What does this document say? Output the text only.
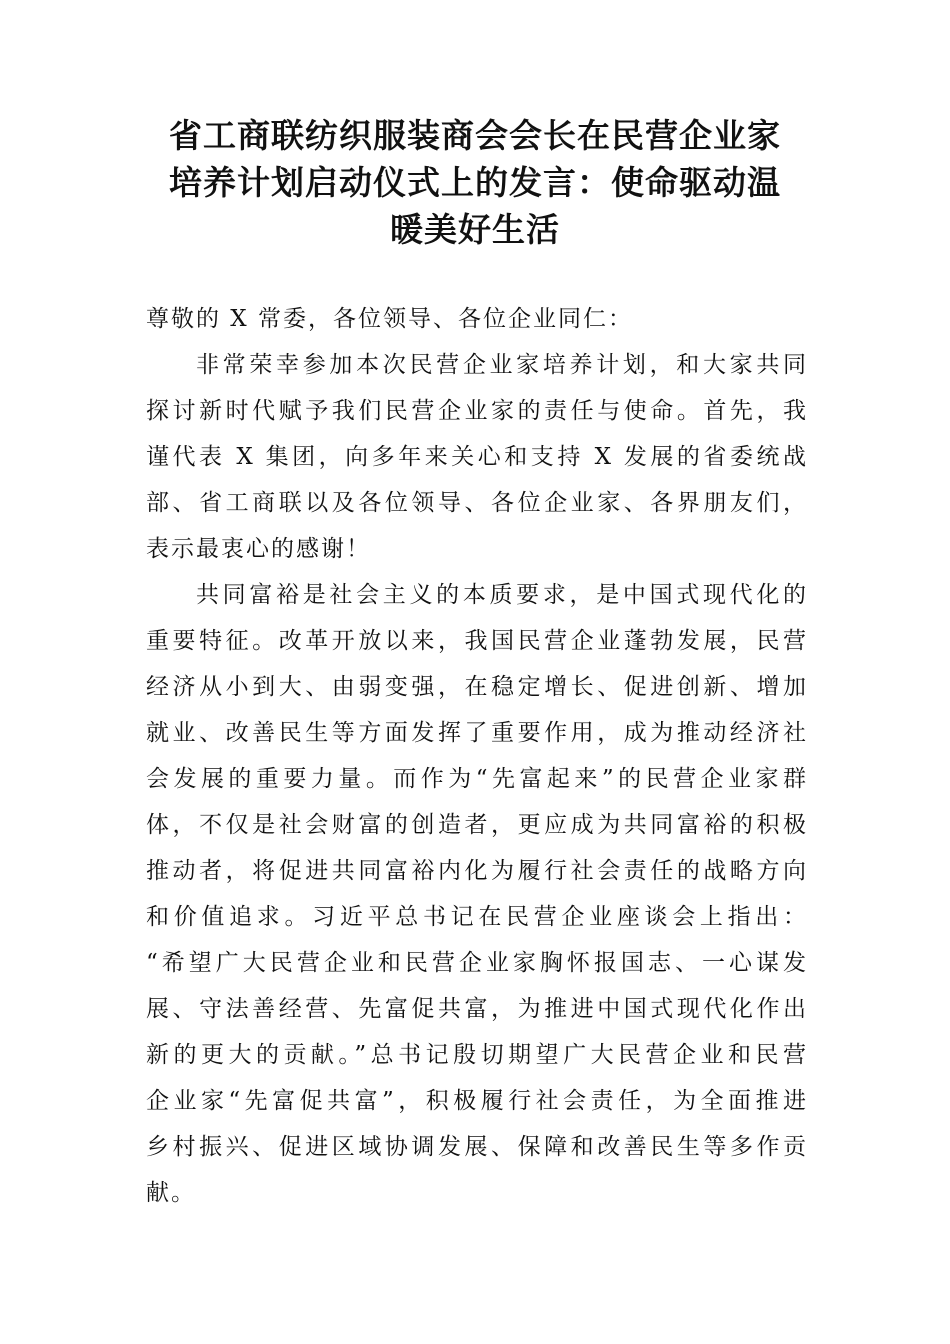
省工商联纺织服装商会会长在民营企业家
培养计划启动仪式上的发言：使命驱动温
暖美好生活

尊敬的 X 常委，各位领导、各位企业同仁：

非常荣幸参加本次民营企业家培养计划，和大家共同
探讨新时代赋予我们民营企业家的责任与使命。首先，我
谨代表 X 集团，向多年来关心和支持 X 发展的省委统战
部、省工商联以及各位领导、各位企业家、各界朋友们，
表示最衷心的感谢！

共同富裕是社会主义的本质要求，是中国式现代化的
重要特征。改革开放以来，我国民营企业蓬勃发展，民营
经济从小到大、由弱变强，在稳定增长、促进创新、增加
就业、改善民生等方面发挥了重要作用，成为推动经济社
会发展的重要力量。而作为“先富起来”的民营企业家群
体，不仅是社会财富的创造者，更应成为共同富裕的积极
推动者，将促进共同富裕内化为履行社会责任的战略方向
和价值追求。习近平总书记在民营企业座谈会上指出：
“希望广大民营企业和民营企业家胸怀报国志、一心谋发
展、守法善经营、先富促共富，为推进中国式现代化作出
新的更大的贡献。”总书记殷切期望广大民营企业和民营
企业家“先富促共富”，积极履行社会责任，为全面推进
乡村振兴、促进区域协调发展、保障和改善民生等多作贡
献。
